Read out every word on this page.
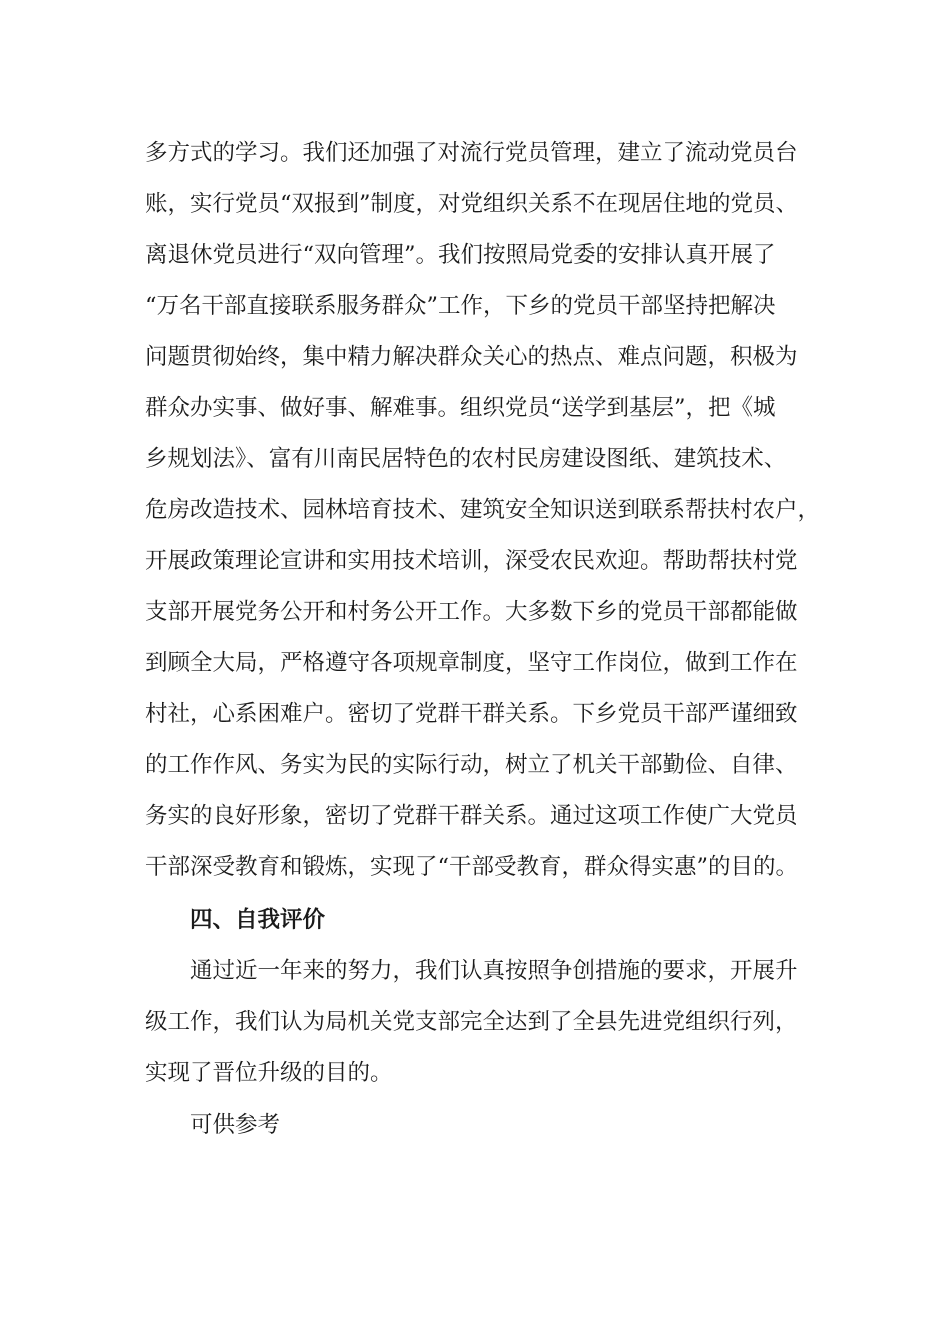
多方式的学习。我们还加强了对流行党员管理，建立了流动党员台
账，实行党员“双报到”制度，对党组织关系不在现居住地的党员、
离退休党员进行“双向管理”。我们按照局党委的安排认真开展了
“万名干部直接联系服务群众”工作，下乡的党员干部坚持把解决
问题贯彻始终，集中精力解决群众关心的热点、难点问题，积极为
群众办实事、做好事、解难事。组织党员“送学到基层”，把《城
乡规划法》、富有川南民居特色的农村民房建设图纸、建筑技术、
危房改造技术、园林培育技术、建筑安全知识送到联系帮扶村农户，
开展政策理论宣讲和实用技术培训，深受农民欢迎。帮助帮扶村党
支部开展党务公开和村务公开工作。大多数下乡的党员干部都能做
到顾全大局，严格遵守各项规章制度，坚守工作岗位，做到工作在
村社，心系困难户。密切了党群干群关系。下乡党员干部严谨细致
的工作作风、务实为民的实际行动，树立了机关干部勤俭、自律、
务实的良好形象，密切了党群干群关系。通过这项工作使广大党员
干部深受教育和锻炼，实现了“干部受教育，群众得实惠”的目的。
四、自我评价
通过近一年来的努力，我们认真按照争创措施的要求，开展升
级工作，我们认为局机关党支部完全达到了全县先进党组织行列，
实现了晋位升级的目的。
可供参考
